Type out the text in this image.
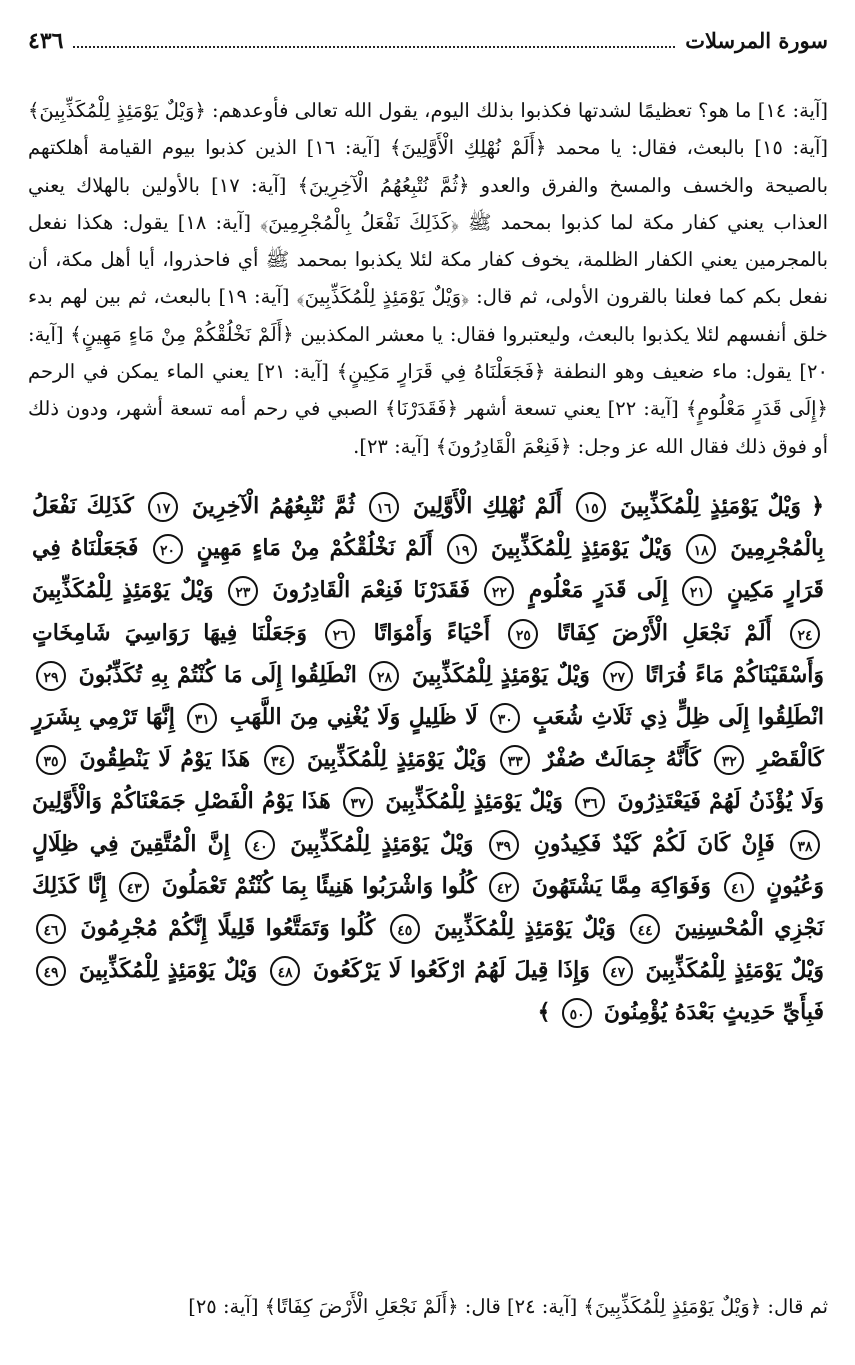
سورة المرسلات
٤٣٦

[آية: ١٤] ما هو؟ تعظيمًا لشدتها فكذبوا بذلك اليوم، يقول الله تعالى فأوعدهم: ﴿وَيْلٌ يَوْمَئِذٍ لِلْمُكَذِّبِينَ﴾ [آية: ١٥] بالبعث، فقال: يا محمد ﴿أَلَمْ نُهْلِكِ الْأَوَّلِينَ﴾ [آية: ١٦] الذين كذبوا بيوم القيامة أهلكتهم بالصيحة والخسف والمسخ والفرق والعدو ﴿ثُمَّ نُتْبِعُهُمُ الْآخِرِينَ﴾ [آية: ١٧] بالأولين بالهلاك يعني العذاب يعني كفار مكة لما كذبوا بمحمد ﷺ ﴿كَذَلِكَ نَفْعَلُ بِالْمُجْرِمِينَ﴾ [آية: ١٨] يقول: هكذا نفعل بالمجرمين يعني الكفار الظلمة، يخوف كفار مكة لئلا يكذبوا بمحمد ﷺ أي فاحذروا، أيا أهل مكة، أن نفعل بكم كما فعلنا بالقرون الأولى، ثم قال: ﴿وَيْلٌ يَوْمَئِذٍ لِلْمُكَذِّبِينَ﴾ [آية: ١٩] بالبعث، ثم بين لهم بدء خلق أنفسهم لئلا يكذبوا بالبعث، وليعتبروا فقال: يا معشر المكذبين ﴿أَلَمْ نَخْلُقْكُمْ مِنْ مَاءٍ مَهِينٍ﴾ [آية: ٢٠] يقول: ماء ضعيف وهو النطفة ﴿فَجَعَلْنَاهُ فِي قَرَارٍ مَكِينٍ﴾ [آية: ٢١] يعني الماء يمكن في الرحم ﴿إِلَى قَدَرٍ مَعْلُومٍ﴾ [آية: ٢٢] يعني تسعة أشهر ﴿فَقَدَرْنَا﴾ الصبي في رحم أمه تسعة أشهر، ودون ذلك أو فوق ذلك فقال الله عز وجل: ﴿فَنِعْمَ الْقَادِرُونَ﴾ [آية: ٢٣].

﴿ وَيْلٌ يَوْمَئِذٍ لِلْمُكَذِّبِينَ ١٥ أَلَمْ نُهْلِكِ الْأَوَّلِينَ ١٦ ثُمَّ نُتْبِعُهُمُ الْآخِرِينَ ١٧ كَذَلِكَ نَفْعَلُ بِالْمُجْرِمِينَ ١٨ وَيْلٌ يَوْمَئِذٍ لِلْمُكَذِّبِينَ ١٩ أَلَمْ نَخْلُقْكُمْ مِنْ مَاءٍ مَهِينٍ ٢٠ فَجَعَلْنَاهُ فِي قَرَارٍ مَكِينٍ ٢١ إِلَى قَدَرٍ مَعْلُومٍ ٢٢ فَقَدَرْنَا فَنِعْمَ الْقَادِرُونَ ٢٣ وَيْلٌ يَوْمَئِذٍ لِلْمُكَذِّبِينَ ٢٤ أَلَمْ نَجْعَلِ الْأَرْضَ كِفَاتًا ٢٥ أَحْيَاءً وَأَمْوَاتًا ٢٦ وَجَعَلْنَا فِيهَا رَوَاسِيَ شَامِخَاتٍ وَأَسْقَيْنَاكُمْ مَاءً فُرَاتًا ٢٧ وَيْلٌ يَوْمَئِذٍ لِلْمُكَذِّبِينَ ٢٨ انْطَلِقُوا إِلَى مَا كُنْتُمْ بِهِ تُكَذِّبُونَ ٢٩ انْطَلِقُوا إِلَى ظِلٍّ ذِي ثَلَاثِ شُعَبٍ ٣٠ لَا ظَلِيلٍ وَلَا يُغْنِي مِنَ اللَّهَبِ ٣١ إِنَّهَا تَرْمِي بِشَرَرٍ كَالْقَصْرِ ٣٢ كَأَنَّهُ جِمَالَتٌ صُفْرٌ ٣٣ وَيْلٌ يَوْمَئِذٍ لِلْمُكَذِّبِينَ ٣٤ هَذَا يَوْمُ لَا يَنْطِقُونَ ٣٥ وَلَا يُؤْذَنُ لَهُمْ فَيَعْتَذِرُونَ ٣٦ وَيْلٌ يَوْمَئِذٍ لِلْمُكَذِّبِينَ ٣٧ هَذَا يَوْمُ الْفَصْلِ جَمَعْنَاكُمْ وَالْأَوَّلِينَ ٣٨ فَإِنْ كَانَ لَكُمْ كَيْدٌ فَكِيدُونِ ٣٩ وَيْلٌ يَوْمَئِذٍ لِلْمُكَذِّبِينَ ٤٠ إِنَّ الْمُتَّقِينَ فِي ظِلَالٍ وَعُيُونٍ ٤١ وَفَوَاكِهَ مِمَّا يَشْتَهُونَ ٤٢ كُلُوا وَاشْرَبُوا هَنِيئًا بِمَا كُنْتُمْ تَعْمَلُونَ ٤٣ إِنَّا كَذَلِكَ نَجْزِي الْمُحْسِنِينَ ٤٤ وَيْلٌ يَوْمَئِذٍ لِلْمُكَذِّبِينَ ٤٥ كُلُوا وَتَمَتَّعُوا قَلِيلًا إِنَّكُمْ مُجْرِمُونَ ٤٦ وَيْلٌ يَوْمَئِذٍ لِلْمُكَذِّبِينَ ٤٧ وَإِذَا قِيلَ لَهُمُ ارْكَعُوا لَا يَرْكَعُونَ ٤٨ وَيْلٌ يَوْمَئِذٍ لِلْمُكَذِّبِينَ ٤٩ فَبِأَيِّ حَدِيثٍ بَعْدَهُ يُؤْمِنُونَ ٥٠ ﴾

ثم قال: ﴿وَيْلٌ يَوْمَئِذٍ لِلْمُكَذِّبِينَ﴾ [آية: ٢٤] قال: ﴿أَلَمْ نَجْعَلِ الْأَرْضَ كِفَاتًا﴾ [آية: ٢٥]
